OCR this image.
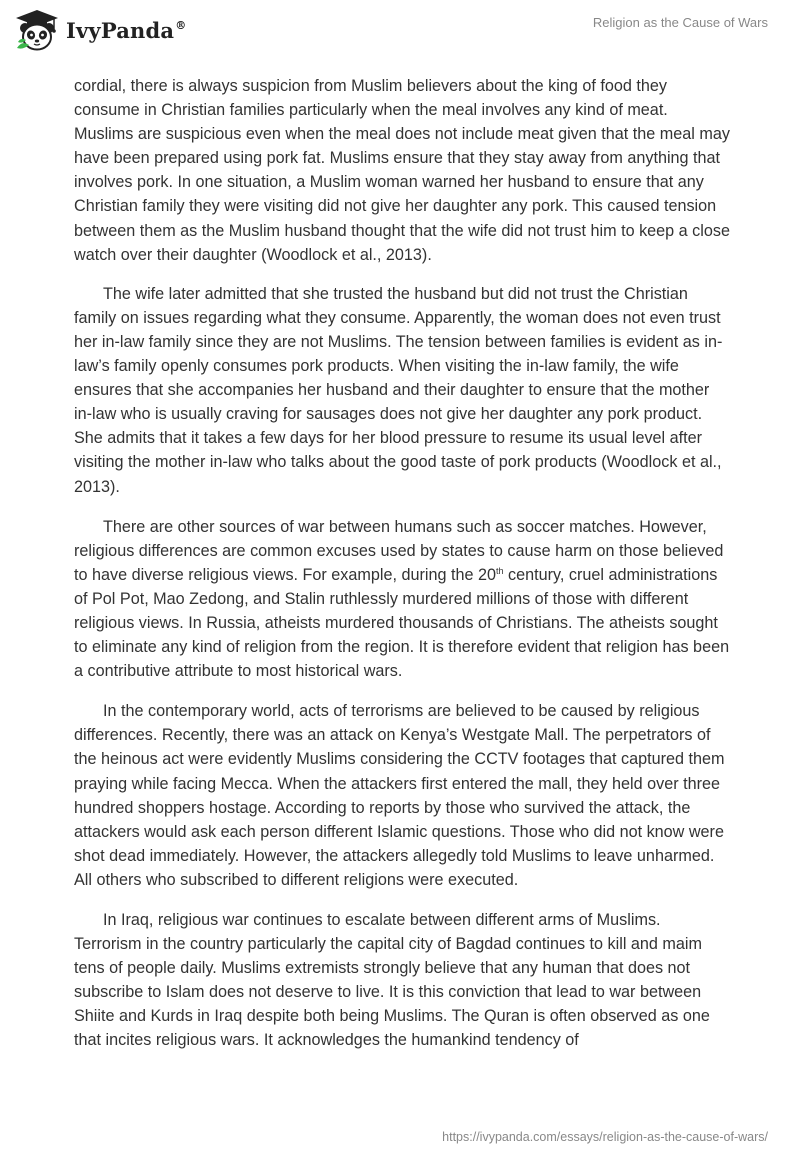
IvyPanda®	Religion as the Cause of Wars

cordial, there is always suspicion from Muslim believers about the king of food they consume in Christian families particularly when the meal involves any kind of meat. Muslims are suspicious even when the meal does not include meat given that the meal may have been prepared using pork fat. Muslims ensure that they stay away from anything that involves pork. In one situation, a Muslim woman warned her husband to ensure that any Christian family they were visiting did not give her daughter any pork. This caused tension between them as the Muslim husband thought that the wife did not trust him to keep a close watch over their daughter (Woodlock et al., 2013).

The wife later admitted that she trusted the husband but did not trust the Christian family on issues regarding what they consume. Apparently, the woman does not even trust her in-law family since they are not Muslims. The tension between families is evident as in-law’s family openly consumes pork products. When visiting the in-law family, the wife ensures that she accompanies her husband and their daughter to ensure that the mother in-law who is usually craving for sausages does not give her daughter any pork product. She admits that it takes a few days for her blood pressure to resume its usual level after visiting the mother in-law who talks about the good taste of pork products (Woodlock et al., 2013).

There are other sources of war between humans such as soccer matches. However, religious differences are common excuses used by states to cause harm on those believed to have diverse religious views. For example, during the 20th century, cruel administrations of Pol Pot, Mao Zedong, and Stalin ruthlessly murdered millions of those with different religious views. In Russia, atheists murdered thousands of Christians. The atheists sought to eliminate any kind of religion from the region. It is therefore evident that religion has been a contributive attribute to most historical wars.

In the contemporary world, acts of terrorisms are believed to be caused by religious differences. Recently, there was an attack on Kenya’s Westgate Mall. The perpetrators of the heinous act were evidently Muslims considering the CCTV footages that captured them praying while facing Mecca. When the attackers first entered the mall, they held over three hundred shoppers hostage. According to reports by those who survived the attack, the attackers would ask each person different Islamic questions. Those who did not know were shot dead immediately. However, the attackers allegedly told Muslims to leave unharmed. All others who subscribed to different religions were executed.

In Iraq, religious war continues to escalate between different arms of Muslims. Terrorism in the country particularly the capital city of Bagdad continues to kill and maim tens of people daily. Muslims extremists strongly believe that any human that does not subscribe to Islam does not deserve to live. It is this conviction that lead to war between Shiite and Kurds in Iraq despite both being Muslims. The Quran is often observed as one that incites religious wars. It acknowledges the humankind tendency of

https://ivypanda.com/essays/religion-as-the-cause-of-wars/
